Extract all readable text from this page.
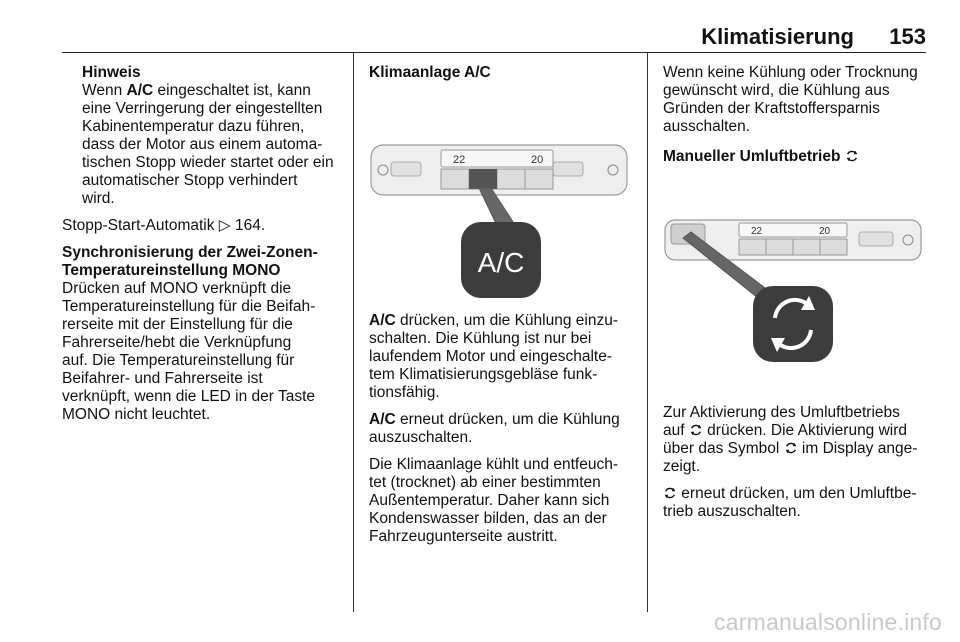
Klimatisierung 153
Hinweis
Wenn A/C eingeschaltet ist, kann
eine Verringerung der eingestellten
Kabinentemperatur dazu führen,
dass der Motor aus einem automa-
tischen Stopp wieder startet oder ein
automatischer Stopp verhindert
wird.

Stopp-Start-Automatik ▷ 164.

Synchronisierung der Zwei-Zonen-
Temperatureinstellung MONO
Drücken auf MONO verknüpft die
Temperatureinstellung für die Beifah-
rerseite mit der Einstellung für die
Fahrerseite/hebt die Verknüpfung
auf. Die Temperatureinstellung für
Beifahrer- und Fahrerseite ist
verknüpft, wenn die LED in der Taste
MONO nicht leuchtet.
Klimaanlage A/C
22	20
A/C
A/C drücken, um die Kühlung einzu-
schalten. Die Kühlung ist nur bei
laufendem Motor und eingeschalte-
tem Klimatisierungsgebläse funk-
tionsfähig.
A/C erneut drücken, um die Kühlung
auszuschalten.
Die Klimaanlage kühlt und entfeuch-
tet (trocknet) ab einer bestimmten
Außentemperatur. Daher kann sich
Kondenswasser bilden, das an der
Fahrzeugunterseite austritt.
Wenn keine Kühlung oder Trocknung
gewünscht wird, die Kühlung aus
Gründen der Kraftstoffersparnis
ausschalten.
Manueller Umluftbetrieb
22	20
Zur Aktivierung des Umluftbetriebs
auf  drücken. Die Aktivierung wird
über das Symbol  im Display ange-
zeigt.
erneut drücken, um den Umluftbe-
trieb auszuschalten.
carmanualsonline.info
